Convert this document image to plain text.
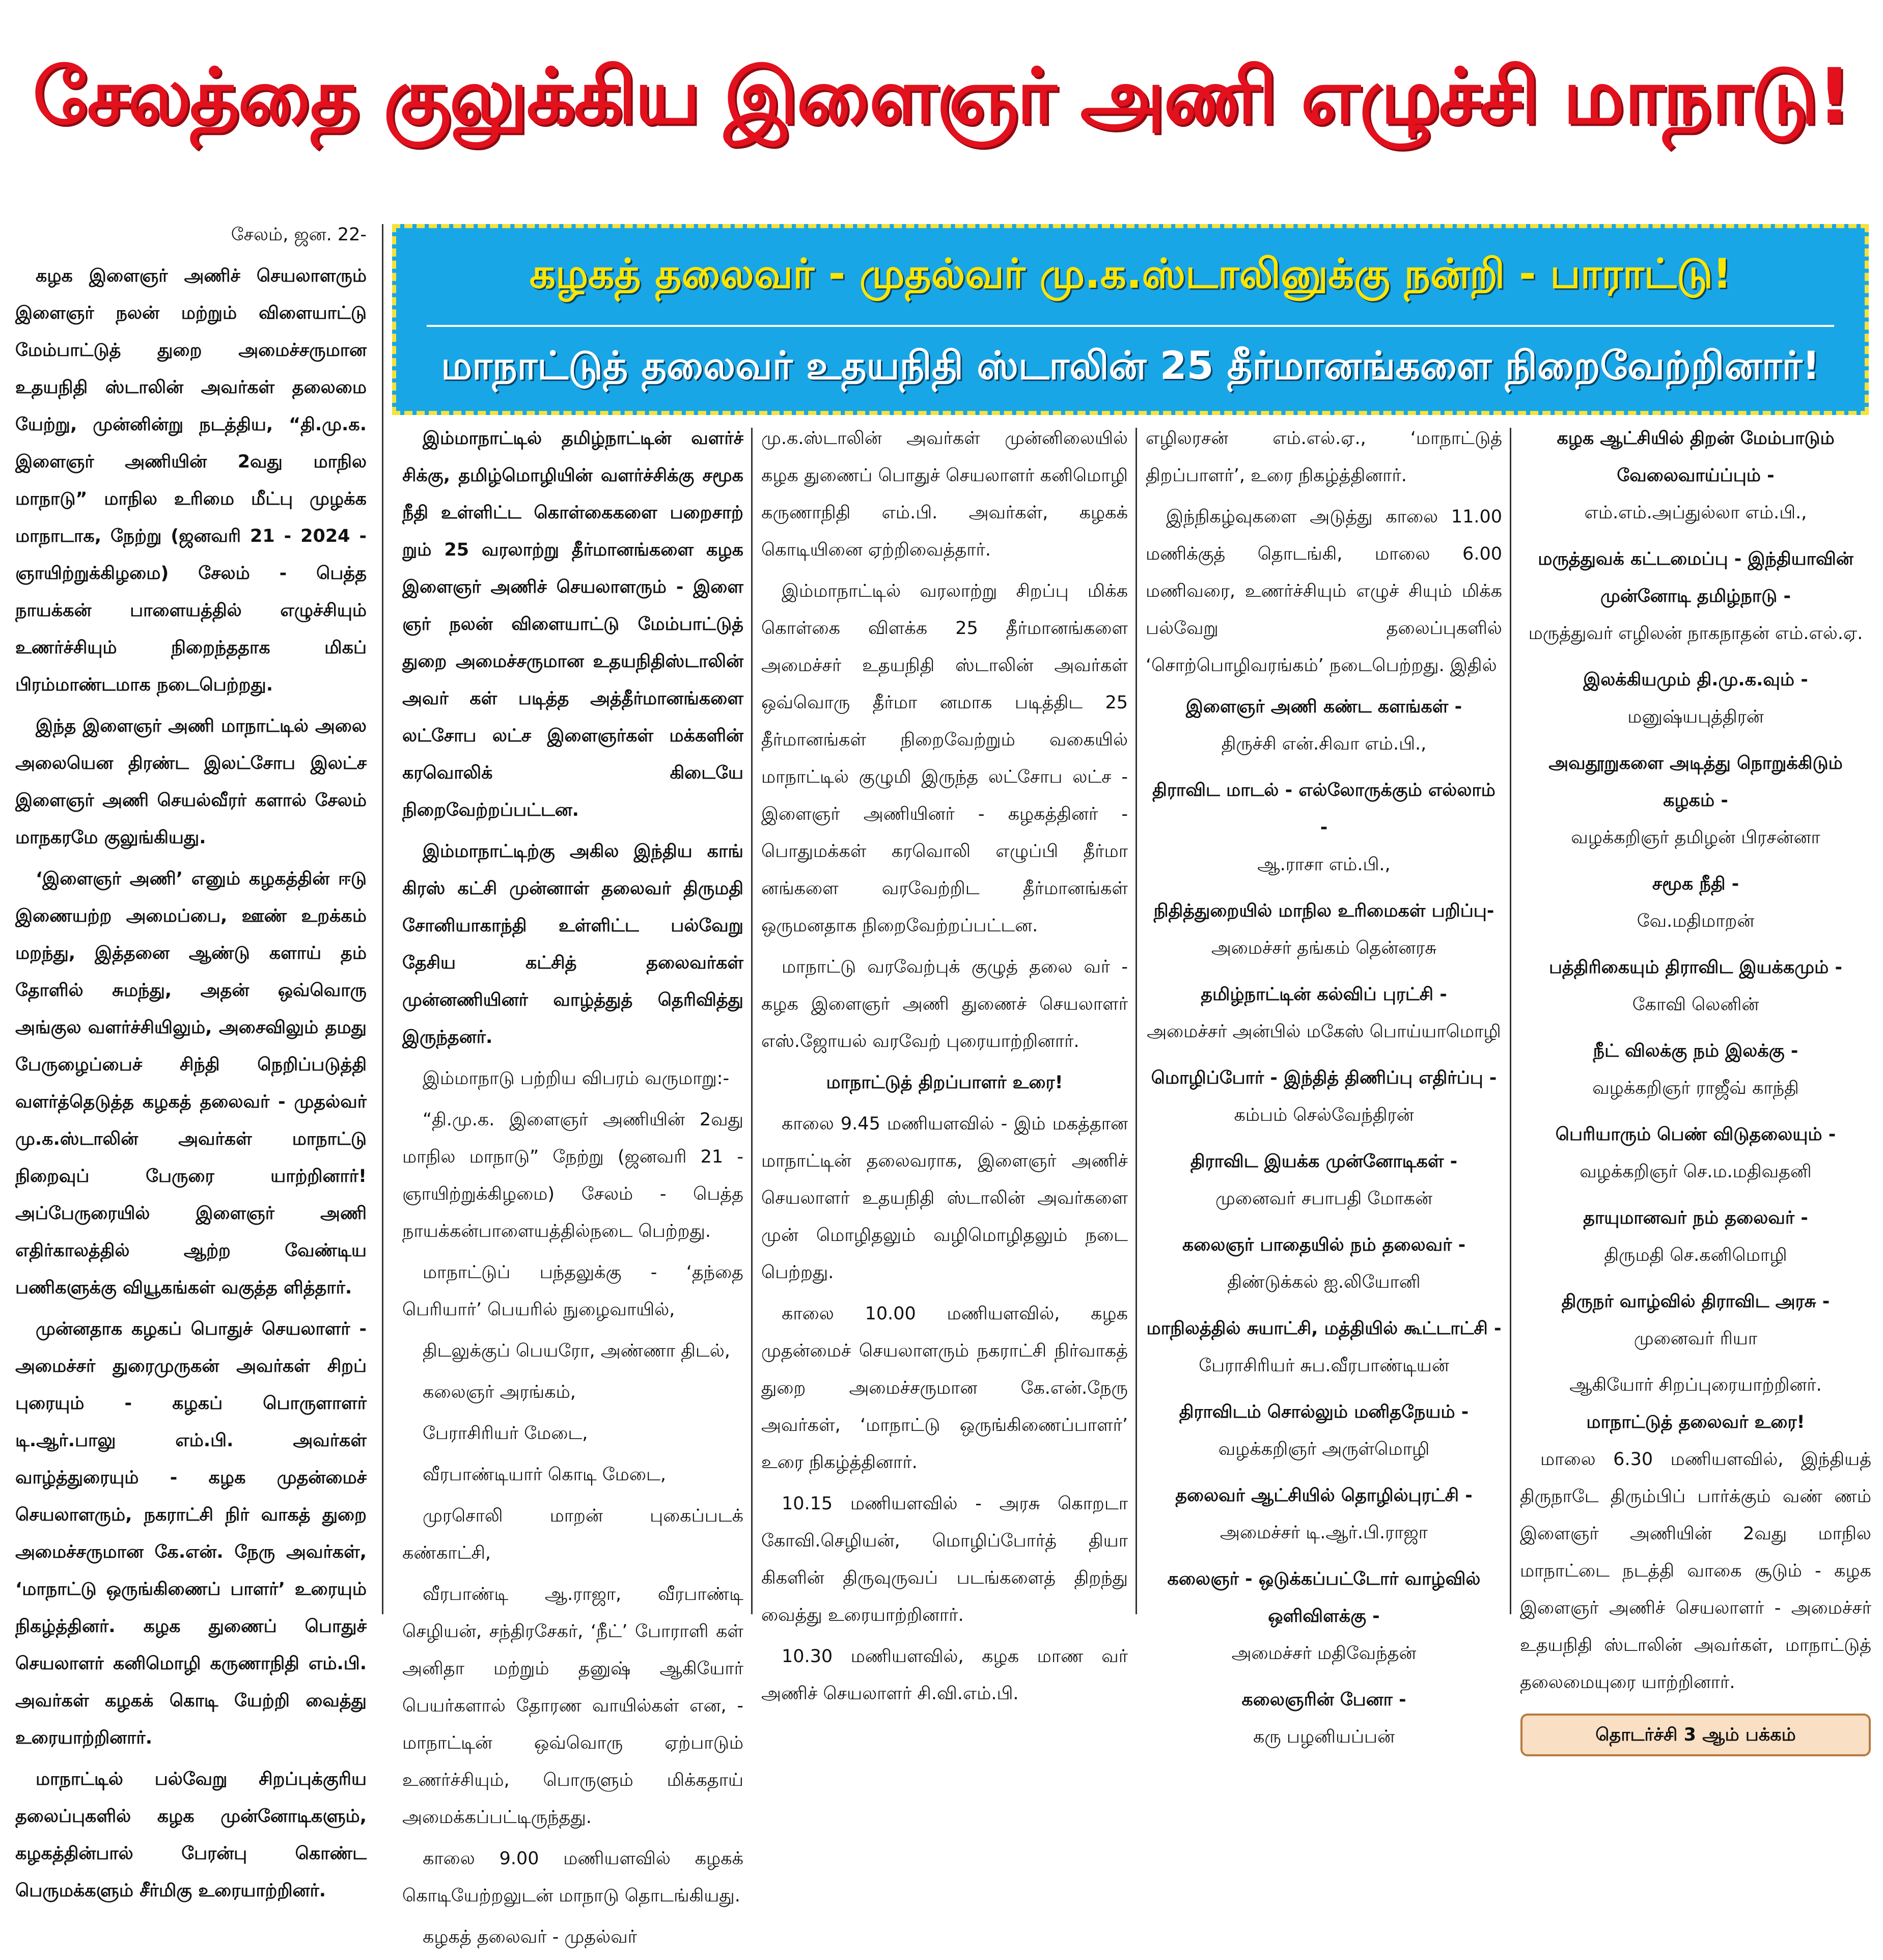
சேலத்தை குலுக்கிய இளைஞர் அணி எழுச்சி மாநாடு!

சேலம், ஜன. 22-

கழக இளைஞர் அணிச் செயலாளரும் இளைஞர் நலன் மற்றும் விளையாட்டு மேம்பாட்டுத் துறை அமைச்சருமான உதயநிதி ஸ்டாலின் அவர்கள் தலைமை யேற்று, முன்னின்று நடத்திய, “தி.மு.க. இளைஞர் அணியின் 2வது மாநில மாநாடு” மாநில உரிமை மீட்பு முழக்க மாநாடாக, நேற்று (ஜனவரி 21 - 2024 - ஞாயிற்றுக்கிழமை) சேலம் - பெத்த நாயக்கன் பாளையத்தில் எழுச்சியும் உணர்ச்சியும் நிறைந்ததாக மிகப் பிரம்மாண்டமாக நடைபெற்றது.

இந்த இளைஞர் அணி மாநாட்டில் அலை அலையென திரண்ட இலட்சோப இலட்ச இளைஞர் அணி செயல்வீரர் களால் சேலம் மாநகரமே குலுங்கியது.

‘இளைஞர் அணி’ எனும் கழகத்தின் ஈடு இணையற்ற அமைப்பை, ஊண் உறக்கம் மறந்து, இத்தனை ஆண்டு களாய் தம் தோளில் சுமந்து, அதன் ஒவ்வொரு அங்குல வளர்ச்சியிலும், அசைவிலும் தமது பேருழைப்பைச் சிந்தி நெறிப்படுத்தி வளர்த்தெடுத்த கழகத் தலைவர் - முதல்வர் மு.க.ஸ்டாலின் அவர்கள் மாநாட்டு நிறைவுப் பேருரை யாற்றினார்! அப்பேருரையில் இளைஞர் அணி எதிர்காலத்தில் ஆற்ற வேண்டிய பணிகளுக்கு வியூகங்கள் வகுத்த ளித்தார்.

முன்னதாக கழகப் பொதுச் செயலாளர் - அமைச்சர் துரைமுருகன் அவர்கள் சிறப் புரையும் - கழகப் பொருளாளர் டி.ஆர்.பாலு எம்.பி. அவர்கள் வாழ்த்துரையும் - கழக முதன்மைச் செயலாளரும், நகராட்சி நிர் வாகத் துறை அமைச்சருமான கே.என். நேரு அவர்கள், ‘மாநாட்டு ஒருங்கிணைப் பாளர்’ உரையும் நிகழ்த்தினர். கழக துணைப் பொதுச் செயலாளர் கனிமொழி கருணாநிதி எம்.பி. அவர்கள் கழகக் கொடி யேற்றி வைத்து உரையாற்றினார்.

மாநாட்டில் பல்வேறு சிறப்புக்குரிய தலைப்புகளில் கழக முன்னோடிகளும், கழகத்தின்பால் பேரன்பு கொண்ட பெருமக்களும் சீர்மிகு உரையாற்றினர்.

கழகத் தலைவர் - முதல்வர் மு.க.ஸ்டாலினுக்கு நன்றி - பாராட்டு!
மாநாட்டுத் தலைவர் உதயநிதி ஸ்டாலின் 25 தீர்மானங்களை நிறைவேற்றினார்!

இம்மாநாட்டில் தமிழ்நாட்டின் வளர்ச் சிக்கு, தமிழ்மொழியின் வளர்ச்சிக்கு சமூக நீதி உள்ளிட்ட கொள்கைகளை பறைசாற் றும் 25 வரலாற்று தீர்மானங்களை கழக இளைஞர் அணிச் செயலாளரும் - இளை ஞர் நலன் விளையாட்டு மேம்பாட்டுத் துறை அமைச்சருமான உதயநிதிஸ்டாலின் அவர் கள் படித்த அத்தீர்மானங்களை லட்சோப லட்ச இளைஞர்கள் மக்களின் கரவொலிக் கிடையே நிறைவேற்றப்பட்டன.

இம்மாநாட்டிற்கு அகில இந்திய காங் கிரஸ் கட்சி முன்னாள் தலைவர் திருமதி சோனியாகாந்தி உள்ளிட்ட பல்வேறு தேசிய கட்சித் தலைவர்கள் முன்னணியினர் வாழ்த்துத் தெரிவித்து இருந்தனர்.

இம்மாநாடு பற்றிய விபரம் வருமாறு:-

“தி.மு.க. இளைஞர் அணியின் 2வது மாநில மாநாடு” நேற்று (ஜனவரி 21 - ஞாயிற்றுக்கிழமை) சேலம் - பெத்த நாயக்கன்பாளையத்தில்நடை பெற்றது.

மாநாட்டுப் பந்தலுக்கு - ‘தந்தை பெரியார்’ பெயரில் நுழைவாயில்,

திடலுக்குப் பெயரோ, அண்ணா திடல்,

கலைஞர் அரங்கம்,

பேராசிரியர் மேடை,

வீரபாண்டியார் கொடி மேடை,

முரசொலி மாறன் புகைப்படக் கண்காட்சி,

வீரபாண்டி ஆ.ராஜா, வீரபாண்டி செழியன், சந்திரசேகர், ‘நீட்’ போராளி கள் அனிதா மற்றும் தனுஷ் ஆகியோர் பெயர்களால் தோரண வாயில்கள் என, - மாநாட்டின் ஒவ்வொரு ஏற்பாடும் உணர்ச்சியும், பொருளும் மிக்கதாய் அமைக்கப்பட்டிருந்தது.

காலை 9.00 மணியளவில் கழகக் கொடியேற்றலுடன் மாநாடு தொடங்கியது.

கழகத் தலைவர் - முதல்வர்

மு.க.ஸ்டாலின் அவர்கள் முன்னிலையில் கழக துணைப் பொதுச் செயலாளர் கனிமொழி கருணாநிதி எம்.பி. அவர்கள், கழகக் கொடியினை ஏற்றிவைத்தார்.

இம்மாநாட்டில் வரலாற்று சிறப்பு மிக்க கொள்கை விளக்க 25 தீர்மானங்களை அமைச்சர் உதயநிதி ஸ்டாலின் அவர்கள் ஒவ்வொரு தீர்மா னமாக படித்திட 25 தீர்மானங்கள் நிறைவேற்றும் வகையில் மாநாட்டில் குழுமி இருந்த லட்சோப லட்ச - இளைஞர் அணியினர் - கழகத்தினர் - பொதுமக்கள் கரவொலி எழுப்பி தீர்மா னங்களை வரவேற்றிட தீர்மானங்கள் ஒருமனதாக நிறைவேற்றப்பட்டன.

மாநாட்டு வரவேற்புக் குழுத் தலை வர் - கழக இளைஞர் அணி துணைச் செயலாளர் எஸ்.ஜோயல் வரவேற் புரையாற்றினார்.

மாநாட்டுத் திறப்பாளர் உரை!

காலை 9.45 மணியளவில் - இம் மகத்தான மாநாட்டின் தலைவராக, இளைஞர் அணிச் செயலாளர் உதயநிதி ஸ்டாலின் அவர்களை முன் மொழிதலும் வழிமொழிதலும் நடை பெற்றது.

காலை 10.00 மணியளவில், கழக முதன்மைச் செயலாளரும் நகராட்சி நிர்வாகத் துறை அமைச்சருமான கே.என்.நேரு அவர்கள், ‘மாநாட்டு ஒருங்கிணைப்பாளர்’ உரை நிகழ்த்தினார்.

10.15 மணியளவில் - அரசு கொறடா கோவி.செழியன், மொழிப்போர்த் தியா கிகளின் திருவுருவப் படங்களைத் திறந்து வைத்து உரையாற்றினார்.

10.30 மணியளவில், கழக மாண வர் அணிச் செயலாளர் சி.வி.எம்.பி.

எழிலரசன் எம்.எல்.ஏ., ‘மாநாட்டுத் திறப்பாளர்’, உரை நிகழ்த்தினார்.

இந்நிகழ்வுகளை அடுத்து காலை 11.00 மணிக்குத் தொடங்கி, மாலை 6.00 மணிவரை, உணர்ச்சியும் எழுச் சியும் மிக்க பல்வேறு தலைப்புகளில் ‘சொற்பொழிவரங்கம்’ நடைபெற்றது. இதில்

இளைஞர் அணி கண்ட களங்கள் -
திருச்சி என்.சிவா எம்.பி.,
திராவிட மாடல் - எல்லோருக்கும் எல்லாம் -
ஆ.ராசா எம்.பி.,
நிதித்துறையில் மாநில உரிமைகள் பறிப்பு-
அமைச்சர் தங்கம் தென்னரசு
தமிழ்நாட்டின் கல்விப் புரட்சி -
அமைச்சர் அன்பில் மகேஸ் பொய்யாமொழி
மொழிப்போர் - இந்தித் திணிப்பு எதிர்ப்பு -
கம்பம் செல்வேந்திரன்
திராவிட இயக்க முன்னோடிகள் -
முனைவர் சபாபதி மோகன்
கலைஞர் பாதையில் நம் தலைவர் -
திண்டுக்கல் ஐ.லியோனி
மாநிலத்தில் சுயாட்சி, மத்தியில் கூட்டாட்சி -
பேராசிரியர் சுப.வீரபாண்டியன்
திராவிடம் சொல்லும் மனிதநேயம் -
வழக்கறிஞர் அருள்மொழி
தலைவர் ஆட்சியில் தொழில்புரட்சி -
அமைச்சர் டி.ஆர்.பி.ராஜா
கலைஞர் - ஒடுக்கப்பட்டோர் வாழ்வில் ஒளிவிளக்கு -
அமைச்சர் மதிவேந்தன்
கலைஞரின் பேனா -
கரு பழனியப்பன்
கழக ஆட்சியில் திறன் மேம்பாடும் வேலைவாய்ப்பும் -
எம்.எம்.அப்துல்லா எம்.பி.,
மருத்துவக் கட்டமைப்பு - இந்தியாவின் முன்னோடி தமிழ்நாடு -
மருத்துவர் எழிலன் நாகநாதன் எம்.எல்.ஏ.
இலக்கியமும் தி.மு.க.வும் -
மனுஷ்யபுத்திரன்
அவதூறுகளை அடித்து நொறுக்கிடும் கழகம் -
வழக்கறிஞர் தமிழன் பிரசன்னா
சமூக நீதி -
வே.மதிமாறன்
பத்திரிகையும் திராவிட இயக்கமும் -
கோவி லெனின்
நீட் விலக்கு நம் இலக்கு -
வழக்கறிஞர் ராஜீவ் காந்தி
பெரியாரும் பெண் விடுதலையும் -
வழக்கறிஞர் செ.ம.மதிவதனி
தாயுமானவர் நம் தலைவர் -
திருமதி செ.கனிமொழி
திருநர் வாழ்வில் திராவிட அரசு -
முனைவர் ரியா
ஆகியோர் சிறப்புரையாற்றினர்.
மாநாட்டுத் தலைவர் உரை!

மாலை 6.30 மணியளவில், இந்தியத் திருநாடே திரும்பிப் பார்க்கும் வண் ணம் இளைஞர் அணியின் 2வது மாநில மாநாட்டை நடத்தி வாகை சூடும் - கழக இளைஞர் அணிச் செயலாளர் - அமைச்சர் உதயநிதி ஸ்டாலின் அவர்கள், மாநாட்டுத் தலைமையுரை யாற்றினார்.

தொடர்ச்சி 3 ஆம் பக்கம்
